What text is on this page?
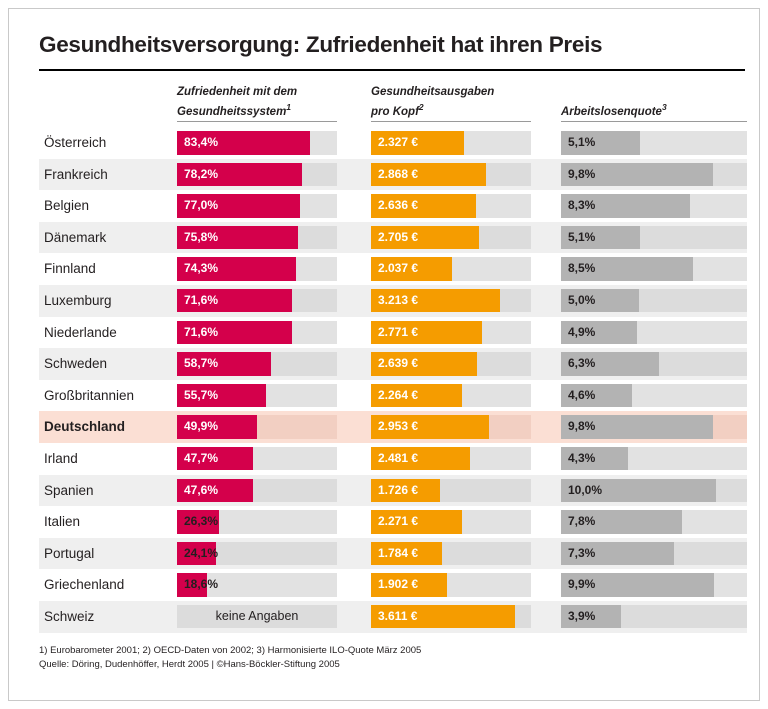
Gesundheitsversorgung: Zufriedenheit hat ihren Preis
Zufriedenheit mit dem
Gesundheitssystem$^1$
Gesundheitsausgaben
pro Kopf$^2$	Arbeitslosenquote$^3$
Österreich	83,4%	2.327 €	5,1%
Frankreich	78,2%	2.868 €	9,8%
Belgien	77,0%	2.636 €	8,3%
Dänemark	75,8%	2.705 €	5,1%
Finnland	74,3%	2.037 €	8,5%
Luxemburg	71,6%	3.213 €	5,0%
Niederlande	71,6%	2.771 €	4,9%
Schweden	58,7%	2.639 €	6,3%
Großbritannien	55,7%	2.264 €	4,6%
Deutschland	49,9%	2.953 €	9,8%
Irland	47,7%	2.481 €	4,3%
Spanien	47,6%	1.726 €	10,0%
Italien	26,3%	2.271 €	7,8%
Portugal	24,1%	1.784 €	7,3%
Griechenland	18,6%	1.902 €	9,9%
Schweiz	keine Angaben	3.611 €	3,9%
1) Eurobarometer 2001; 2) OECD-Daten von 2002; 3) Harmonisierte ILO-Quote März 2005
Quelle: Döring, Dudenhöffer, Herdt 2005 | ©Hans-Böckler-Stiftung 2005
